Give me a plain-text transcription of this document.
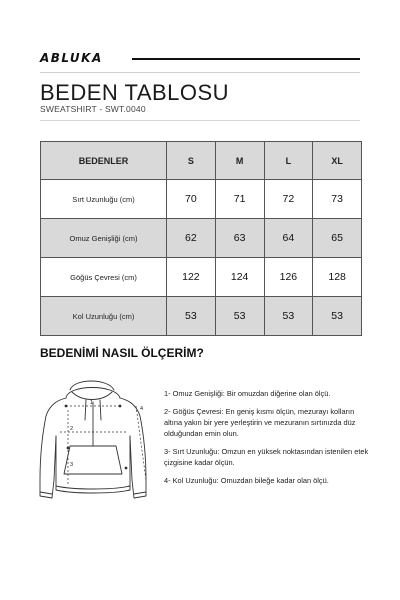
ABLUKA
BEDEN TABLOSU
SWEATSHIRT - SWT.0040
BEDENLER	S	M	L	XL
Sırt Uzunluğu (cm)	70	71	72	73
Omuz Genişliği (cm)	62	63	64	65
Göğüs Çevresi (cm)	122	124	126	128
Kol Uzunluğu (cm)	53	53	53	53
BEDENİMİ NASIL ÖLÇERİM?
1
2
3
4

1- Omuz Genişliği: Bir omuzdan diğerine olan ölçü.

2- Göğüs Çevresi: En geniş kısmı ölçün, mezurayı kolların altına yakın bir yere yerleştirin ve mezuranın sırtınızda düz olduğundan emin olun.

3- Sırt Uzunluğu: Omzun en yüksek noktasından istenilen etek çizgisine kadar ölçün.

4- Kol Uzunluğu: Omuzdan bileğe kadar olan ölçü.
